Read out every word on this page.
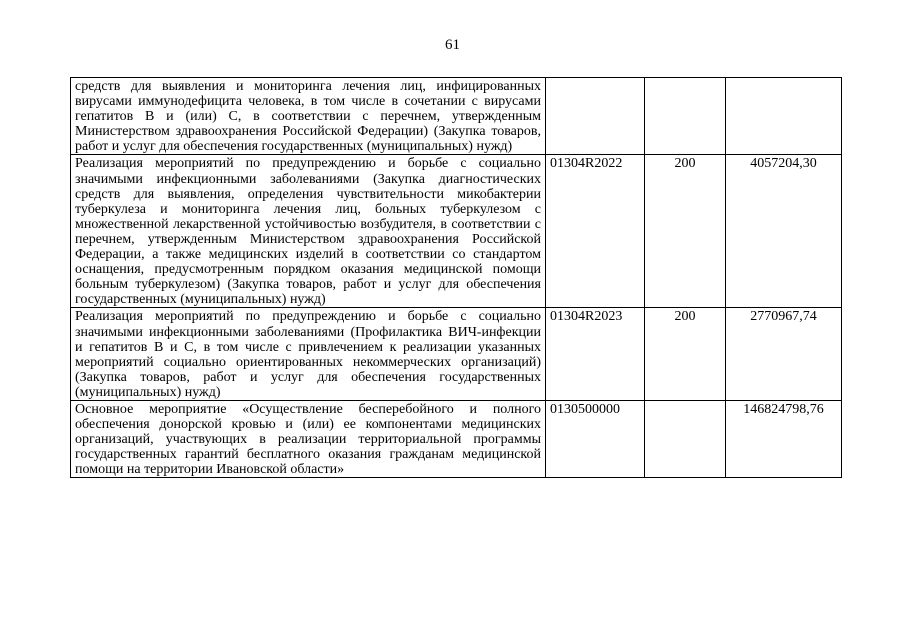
61
средств для выявления и мониторинга лечения лиц, инфицированных вирусами иммунодефицита человека, в том числе в сочетании с вирусами гепатитов В и (или) С, в соответствии с перечнем, утвержденным Министерством здравоохранения Российской Федерации) (Закупка товаров, работ и услуг для обеспечения государственных (муниципальных) нужд)			
Реализация мероприятий по предупреждению и борьбе с социально значимыми инфекционными заболеваниями (Закупка диагностических средств для выявления, определения чувствительности микобактерии туберкулеза и мониторинга лечения лиц, больных туберкулезом с множественной лекарственной устойчивостью возбудителя, в соответствии с перечнем, утвержденным Министерством здравоохранения Российской Федерации, а также медицинских изделий в соответствии со стандартом оснащения, предусмотренным порядком оказания медицинской помощи больным туберкулезом) (Закупка товаров, работ и услуг для обеспечения государственных (муниципальных) нужд)	01304R2022	200	4057204,30
Реализация мероприятий по предупреждению и борьбе с социально значимыми инфекционными заболеваниями (Профилактика ВИЧ-инфекции и гепатитов В и С, в том числе с привлечением к реализации указанных мероприятий социально ориентированных некоммерческих организаций) (Закупка товаров, работ и услуг для обеспечения государственных (муниципальных) нужд)	01304R2023	200	2770967,74
Основное мероприятие «Осуществление бесперебойного и полного обеспечения донорской кровью и (или) ее компонентами медицинских организаций, участвующих в реализации территориальной программы государственных гарантий бесплатного оказания гражданам медицинской помощи на территории Ивановской области»	0130500000		146824798,76
